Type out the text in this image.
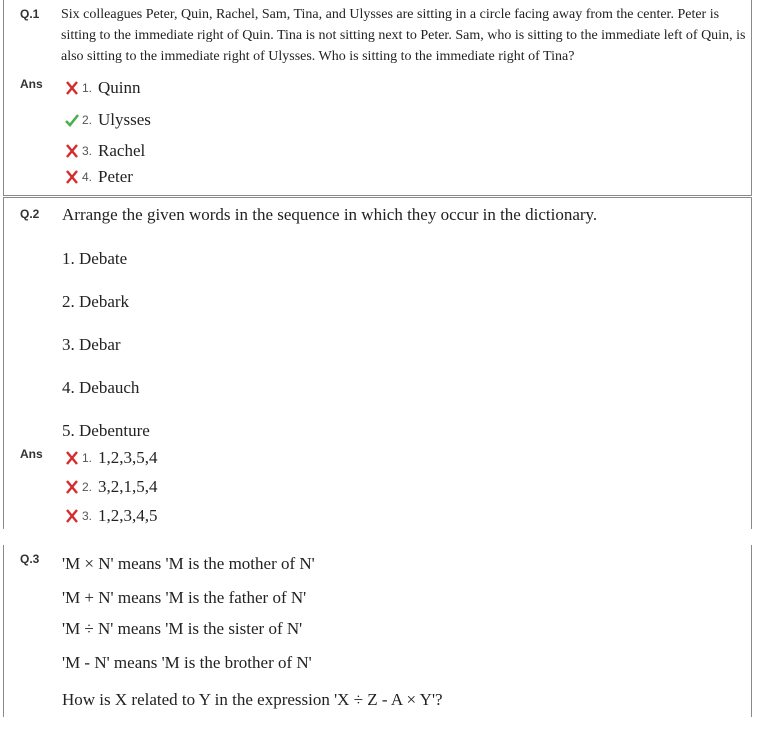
Q.1 Six colleagues Peter, Quin, Rachel, Sam, Tina, and Ulysses are sitting in a circle facing away from the center. Peter is sitting to the immediate right of Quin. Tina is not sitting next to Peter. Sam, who is sitting to the immediate left of Quin, is also sitting to the immediate right of Ulysses. Who is sitting to the immediate right of Tina?
Ans	1. Quinn
2. Ulysses
3. Rachel
4. Peter
Q.2 Arrange the given words in the sequence in which they occur in the dictionary.
1. Debate
2. Debark
3. Debar
4. Debauch
5. Debenture
Ans	1. 1,2,3,5,4
2. 3,2,1,5,4
3. 1,2,3,4,5
Q.3 'M × N' means 'M is the mother of N'
'M + N' means 'M is the father of N'
'M ÷ N' means 'M is the sister of N'
'M - N' means 'M is the brother of N'
How is X related to Y in the expression 'X ÷ Z - A × Y'?
